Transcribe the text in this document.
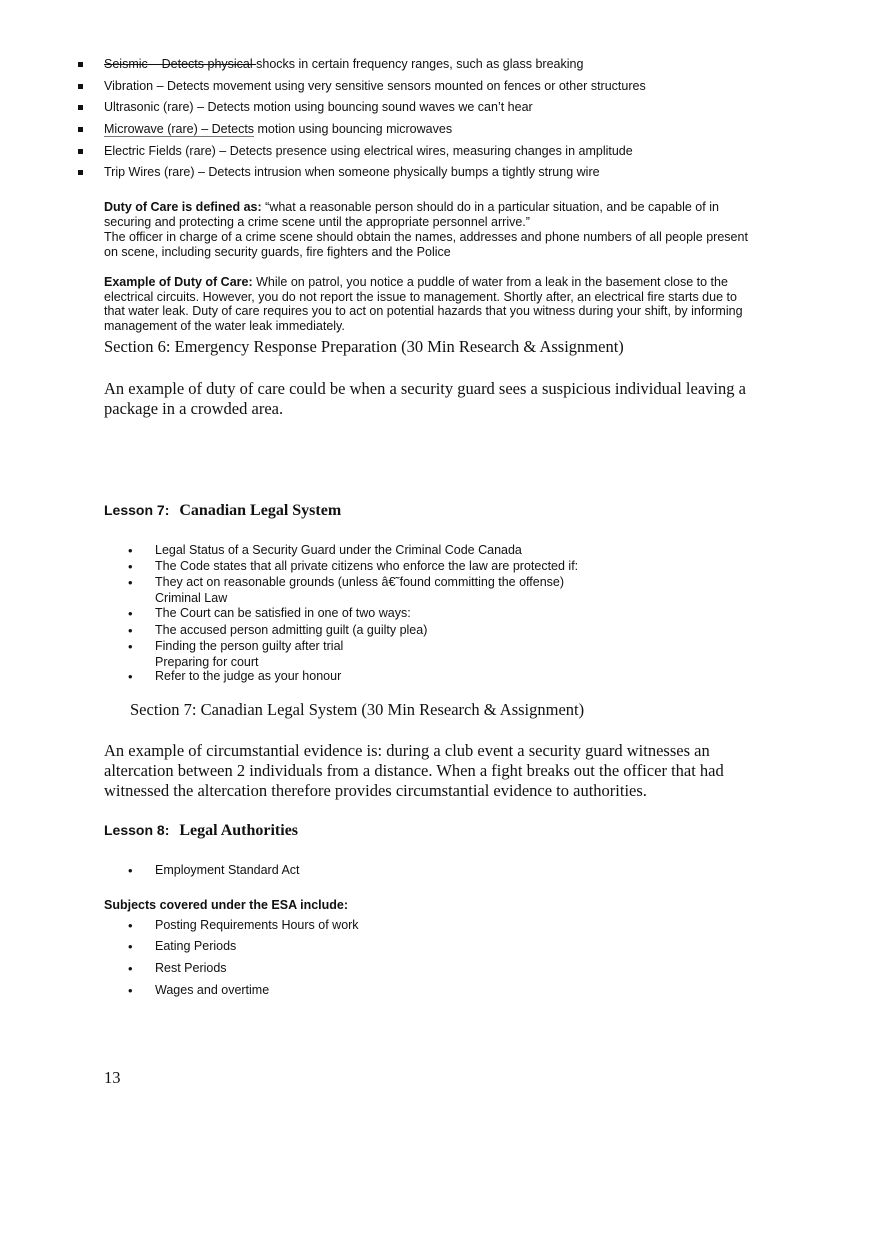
Seismic – Detects physical shocks in certain frequency ranges, such as glass breaking
Vibration – Detects movement using very sensitive sensors mounted on fences or other structures
Ultrasonic (rare) – Detects motion using bouncing sound waves we can’t hear
Microwave (rare) – Detects motion using bouncing microwaves
Electric Fields (rare) – Detects presence using electrical wires, measuring changes in amplitude
Trip Wires (rare) – Detects intrusion when someone physically bumps a tightly strung wire
Duty of Care is defined as: “what a reasonable person should do in a particular situation, and be capable of in
securing and protecting a crime scene until the appropriate personnel arrive.”
The officer in charge of a crime scene should obtain the names, addresses and phone numbers of all people present
on scene, including security guards, fire fighters and the Police
Example of Duty of Care: While on patrol, you notice a puddle of water from a leak in the basement close to the
electrical circuits. However, you do not report the issue to management. Shortly after, an electrical fire starts due to
that water leak. Duty of care requires you to act on potential hazards that you witness during your shift, by informing
management of the water leak immediately.
Section 6: Emergency Response Preparation (30 Min Research & Assignment)
An example of duty of care could be when a security guard sees a suspicious individual leaving a
package in a crowded area.
Lesson 7: Canadian Legal System
• Legal Status of a Security Guard under the Criminal Code Canada
• The Code states that all private citizens who enforce the law are protected if:
• They act on reasonable grounds (unless â€˜found committing the offense)
Criminal Law
• The Court can be satisfied in one of two ways:
• The accused person admitting guilt (a guilty plea)
• Finding the person guilty after trial
Preparing for court
• Refer to the judge as your honour
Section 7: Canadian Legal System (30 Min Research & Assignment)
An example of circumstantial evidence is: during a club event a security guard witnesses an
altercation between 2 individuals from a distance. When a fight breaks out the officer that had
witnessed the altercation therefore provides circumstantial evidence to authorities.
Lesson 8: Legal Authorities
• Employment Standard Act
Subjects covered under the ESA include:
• Posting Requirements Hours of work
• Eating Periods
• Rest Periods
• Wages and overtime
13
